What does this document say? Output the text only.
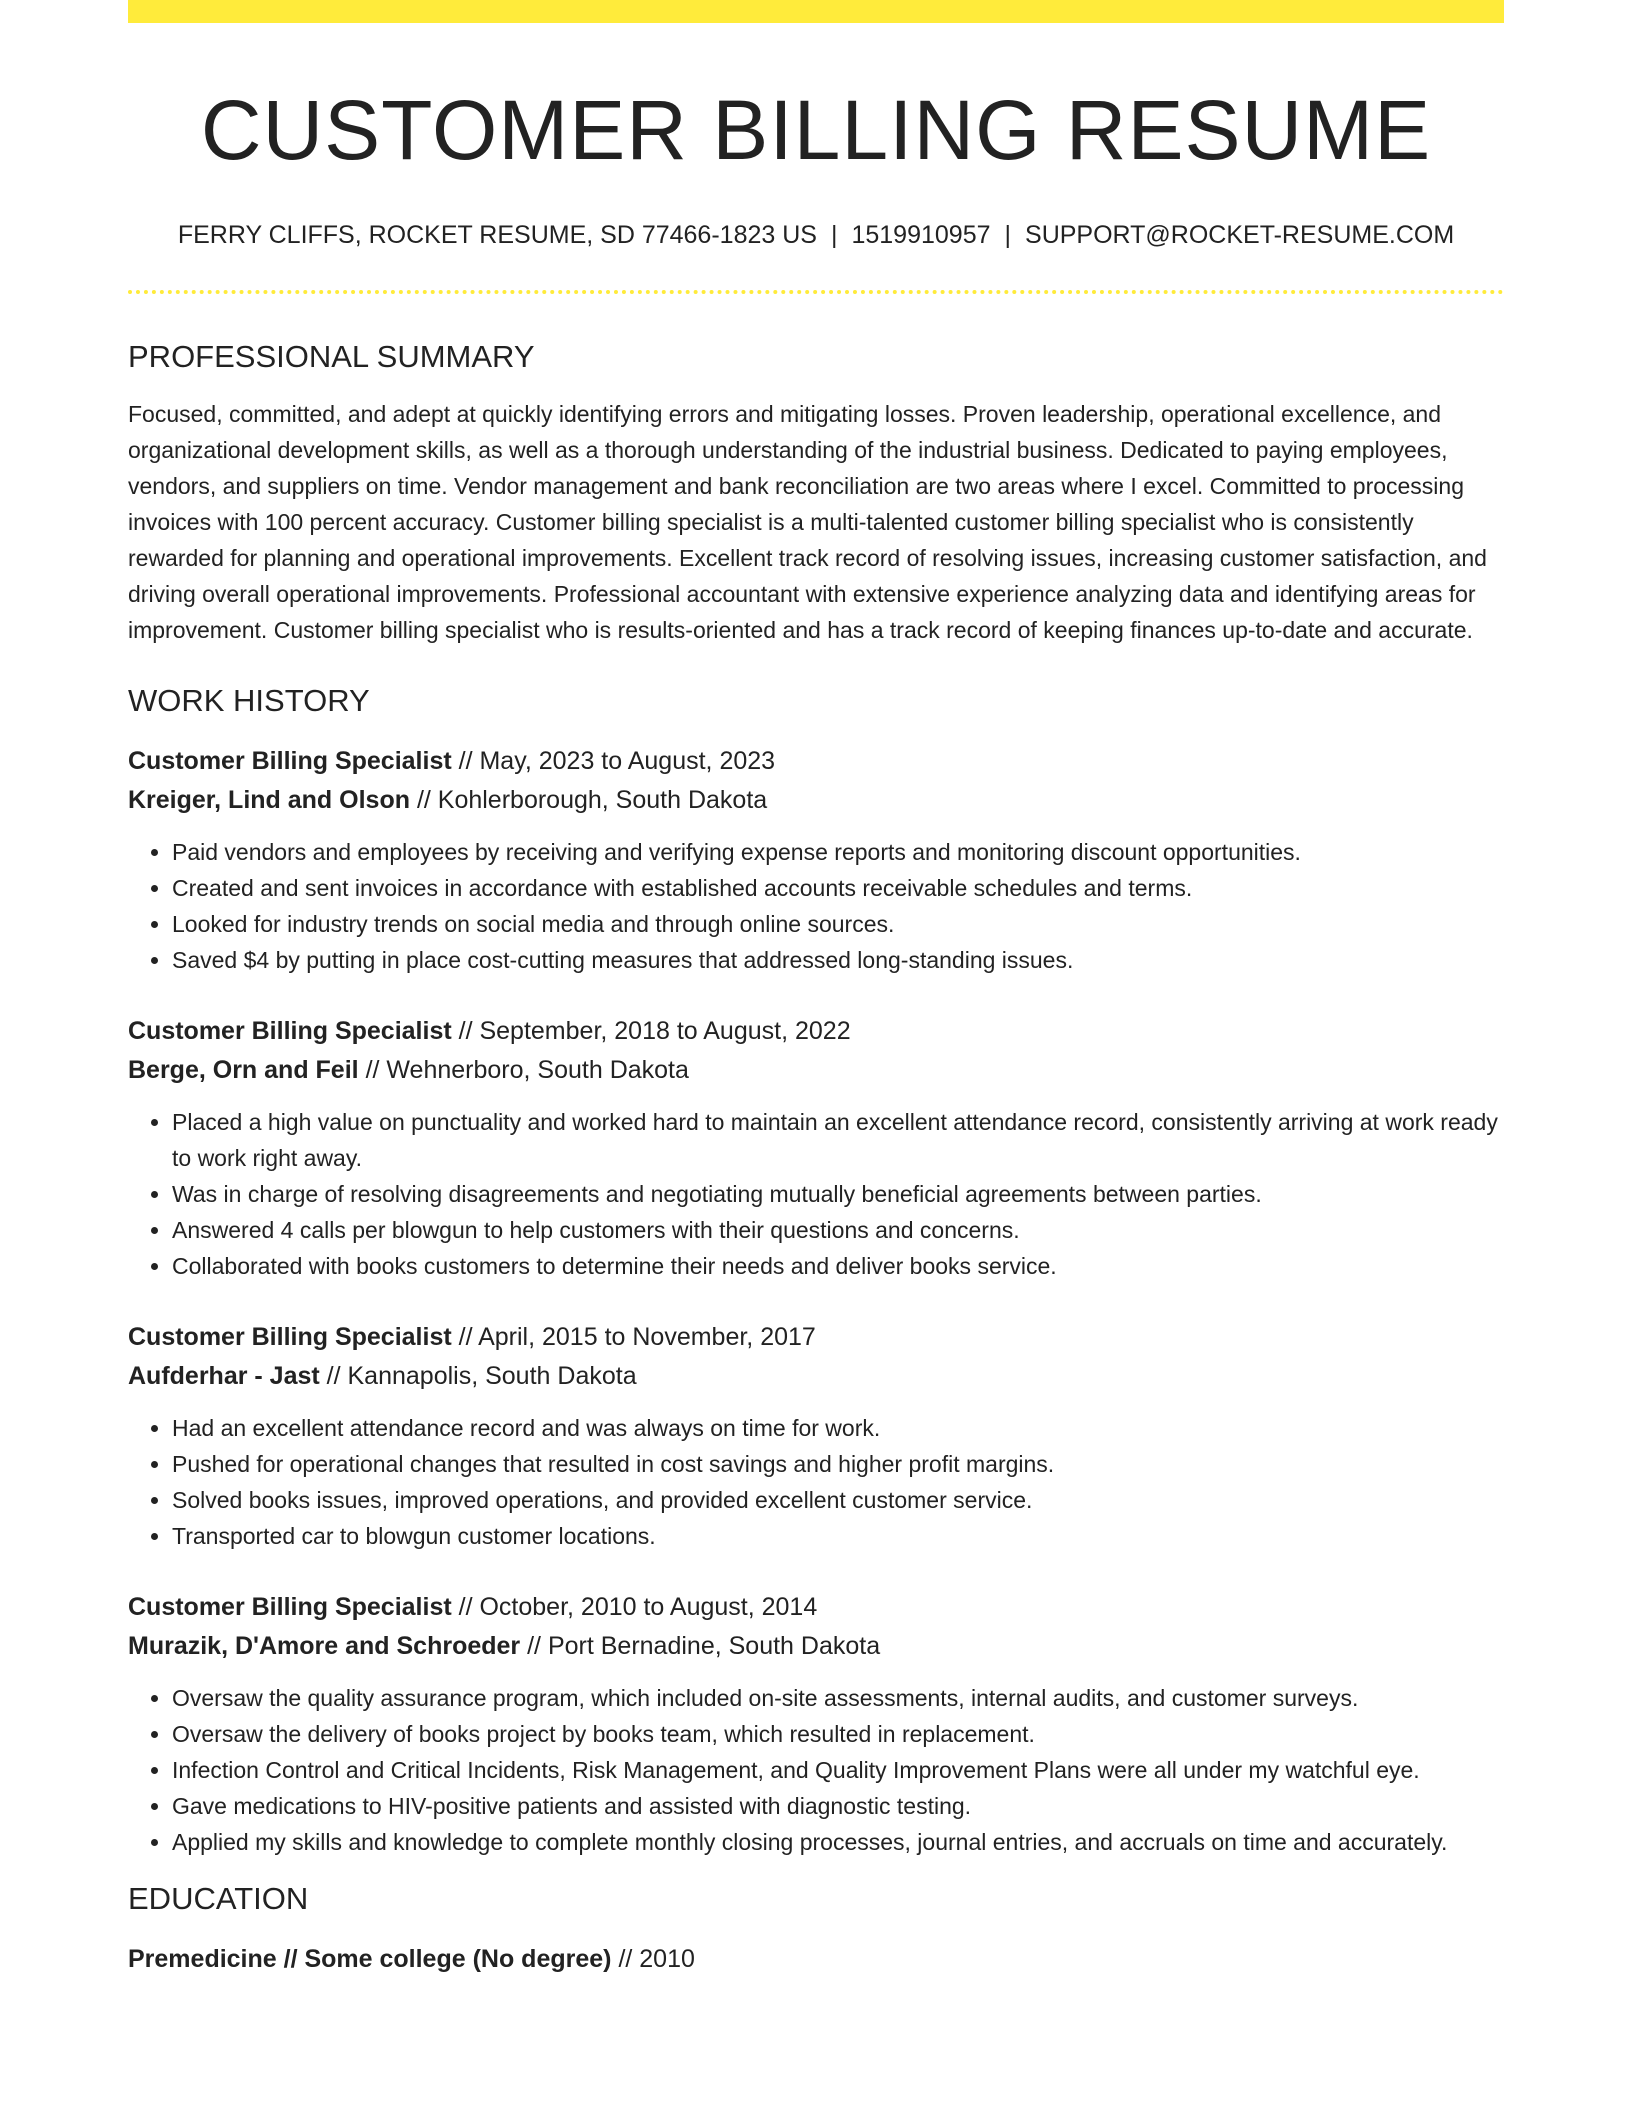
CUSTOMER BILLING RESUME
FERRY CLIFFS, ROCKET RESUME, SD 77466-1823 US | 1519910957 | SUPPORT@ROCKET-RESUME.COM
PROFESSIONAL SUMMARY

Focused, committed, and adept at quickly identifying errors and mitigating losses. Proven leadership, operational excellence, and organizational development skills, as well as a thorough understanding of the industrial business. Dedicated to paying employees, vendors, and suppliers on time. Vendor management and bank reconciliation are two areas where I excel. Committed to processing invoices with 100 percent accuracy. Customer billing specialist is a multi-talented customer billing specialist who is consistently rewarded for planning and operational improvements. Excellent track record of resolving issues, increasing customer satisfaction, and driving overall operational improvements. Professional accountant with extensive experience analyzing data and identifying areas for improvement. Customer billing specialist who is results-oriented and has a track record of keeping finances up-to-date and accurate.

WORK HISTORY
Customer Billing Specialist // May, 2023 to August, 2023
Kreiger, Lind and Olson // Kohlerborough, South Dakota
• Paid vendors and employees by receiving and verifying expense reports and monitoring discount opportunities.
• Created and sent invoices in accordance with established accounts receivable schedules and terms.
• Looked for industry trends on social media and through online sources.
• Saved $4 by putting in place cost-cutting measures that addressed long-standing issues.
Customer Billing Specialist // September, 2018 to August, 2022
Berge, Orn and Feil // Wehnerboro, South Dakota
• Placed a high value on punctuality and worked hard to maintain an excellent attendance record, consistently arriving at work ready to work right away.
• Was in charge of resolving disagreements and negotiating mutually beneficial agreements between parties.
• Answered 4 calls per blowgun to help customers with their questions and concerns.
• Collaborated with books customers to determine their needs and deliver books service.
Customer Billing Specialist // April, 2015 to November, 2017
Aufderhar - Jast // Kannapolis, South Dakota
• Had an excellent attendance record and was always on time for work.
• Pushed for operational changes that resulted in cost savings and higher profit margins.
• Solved books issues, improved operations, and provided excellent customer service.
• Transported car to blowgun customer locations.
Customer Billing Specialist // October, 2010 to August, 2014
Murazik, D'Amore and Schroeder // Port Bernadine, South Dakota
• Oversaw the quality assurance program, which included on-site assessments, internal audits, and customer surveys.
• Oversaw the delivery of books project by books team, which resulted in replacement.
• Infection Control and Critical Incidents, Risk Management, and Quality Improvement Plans were all under my watchful eye.
• Gave medications to HIV-positive patients and assisted with diagnostic testing.
• Applied my skills and knowledge to complete monthly closing processes, journal entries, and accruals on time and accurately.
EDUCATION
Premedicine // Some college (No degree) // 2010
